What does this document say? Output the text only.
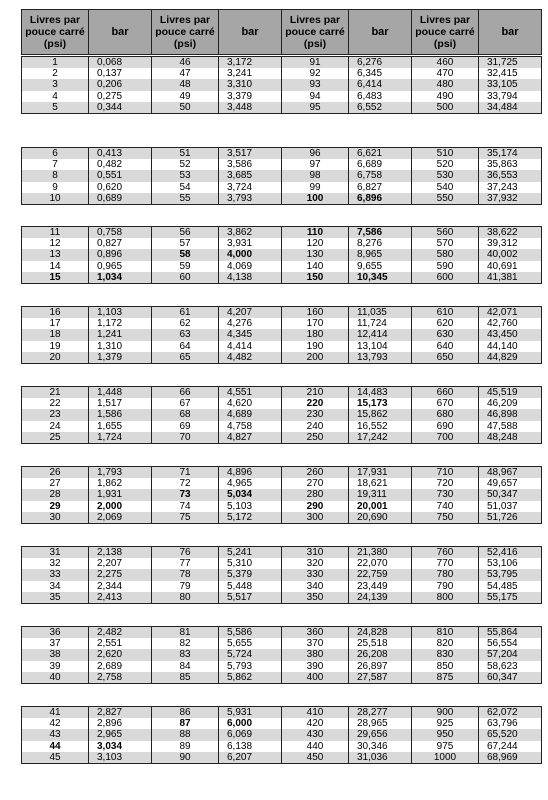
Livres par pouce carré (psi)
bar
1	0,068
2	0,137
3	0,206
4	0,275
5	0,344
6	0,413
7	0,482
8	0,551
9	0,620
10	0,689
11	0,758
12	0,827
13	0,896
14	0,965
15	1,034
16	1,103
17	1,172
18	1,241
19	1,310
20	1,379
21	1,448
22	1,517
23	1,586
24	1,655
25	1,724
26	1,793
27	1,862
28	1,931
29	2,000
30	2,069
31	2,138
32	2,207
33	2,275
34	2,344
35	2,413
36	2,482
37	2,551
38	2,620
39	2,689
40	2,758
41	2,827
42	2,896
43	2,965
44	3,034
45	3,103
Livres par pouce carré (psi)
bar
46	3,172
47	3,241
48	3,310
49	3,379
50	3,448
51	3,517
52	3,586
53	3,685
54	3,724
55	3,793
56	3,862
57	3,931
58	4,000
59	4,069
60	4,138
61	4,207
62	4,276
63	4,345
64	4,414
65	4,482
66	4,551
67	4,620
68	4,689
69	4,758
70	4,827
71	4,896
72	4,965
73	5,034
74	5,103
75	5,172
76	5,241
77	5,310
78	5,379
79	5,448
80	5,517
81	5,586
82	5,655
83	5,724
84	5,793
85	5,862
86	5,931
87	6,000
88	6,069
89	6,138
90	6,207
Livres par pouce carré (psi)
bar
91	6,276
92	6,345
93	6,414
94	6,483
95	6,552
96	6,621
97	6,689
98	6,758
99	6,827
100	6,896
110	7,586
120	8,276
130	8,965
140	9,655
150	10,345
160	11,035
170	11,724
180	12,414
190	13,104
200	13,793
210	14,483
220	15,173
230	15,862
240	16,552
250	17,242
260	17,931
270	18,621
280	19,311
290	20,001
300	20,690
310	21,380
320	22,070
330	22,759
340	23,449
350	24,139
360	24,828
370	25,518
380	26,208
390	26,897
400	27,587
410	28,277
420	28,965
430	29,656
440	30,346
450	31,036
Livres par pouce carré (psi)
bar
460	31,725
470	32,415
480	33,105
490	33,794
500	34,484
510	35,174
520	35,863
530	36,553
540	37,243
550	37,932
560	38,622
570	39,312
580	40,002
590	40,691
600	41,381
610	42,071
620	42,760
630	43,450
640	44,140
650	44,829
660	45,519
670	46,209
680	46,898
690	47,588
700	48,248
710	48,967
720	49,657
730	50,347
740	51,037
750	51,726
760	52,416
770	53,106
780	53,795
790	54,485
800	55,175
810	55,864
820	56,554
830	57,204
850	58,623
875	60,347
900	62,072
925	63,796
950	65,520
975	67,244
1000	68,969
